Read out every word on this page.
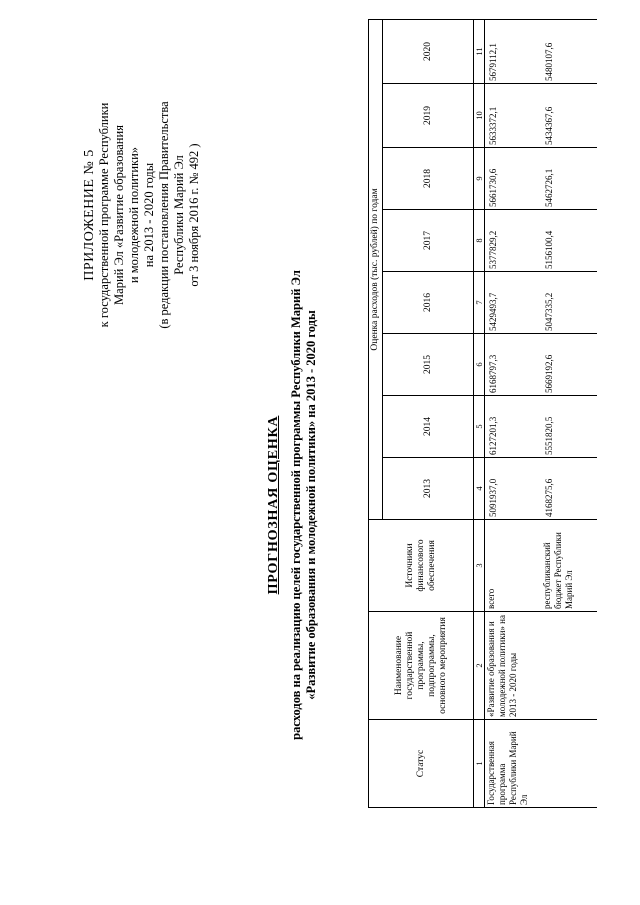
ПРИЛОЖЕНИЕ № 5 к государственной программе Республики Марий Эл «Развитие образования и молодежной политики» на 2013 - 2020 годы (в редакции постановления Правительства Республики Марий Эл от 3 ноября 2016 г. № 492 )
ПРОГНОЗНАЯ ОЦЕНКА расходов на реализацию целей государственной программы Республики Марий Эл «Развитие образования и молодежной политики» на 2013 - 2020 годы
Статус	Наименование государственной программы, подпрограммы, основного мероприятия	Источники финансового обеспечения	Оценка расходов (тыс. рублей) по годам							
			2013	2014	2015	2016	2017	2018	2019	2020
1	2	3	4	5	6	7	8	9	10	11
Государственная программа Республики Марий Эл	«Развитие образования и молодежной политики» на 2013 - 2020 годы	всего	5091937,0	6127201,3	6168797,3	5429493,7	5377829,2	5661730,6	5633372,1	5679112,1
		республиканский бюджет Республики Марий Эл	4168275,6	5551820,5	5669192,6	5047335,2	5156100,4	5462726,1	5434367,6	5480107,6
